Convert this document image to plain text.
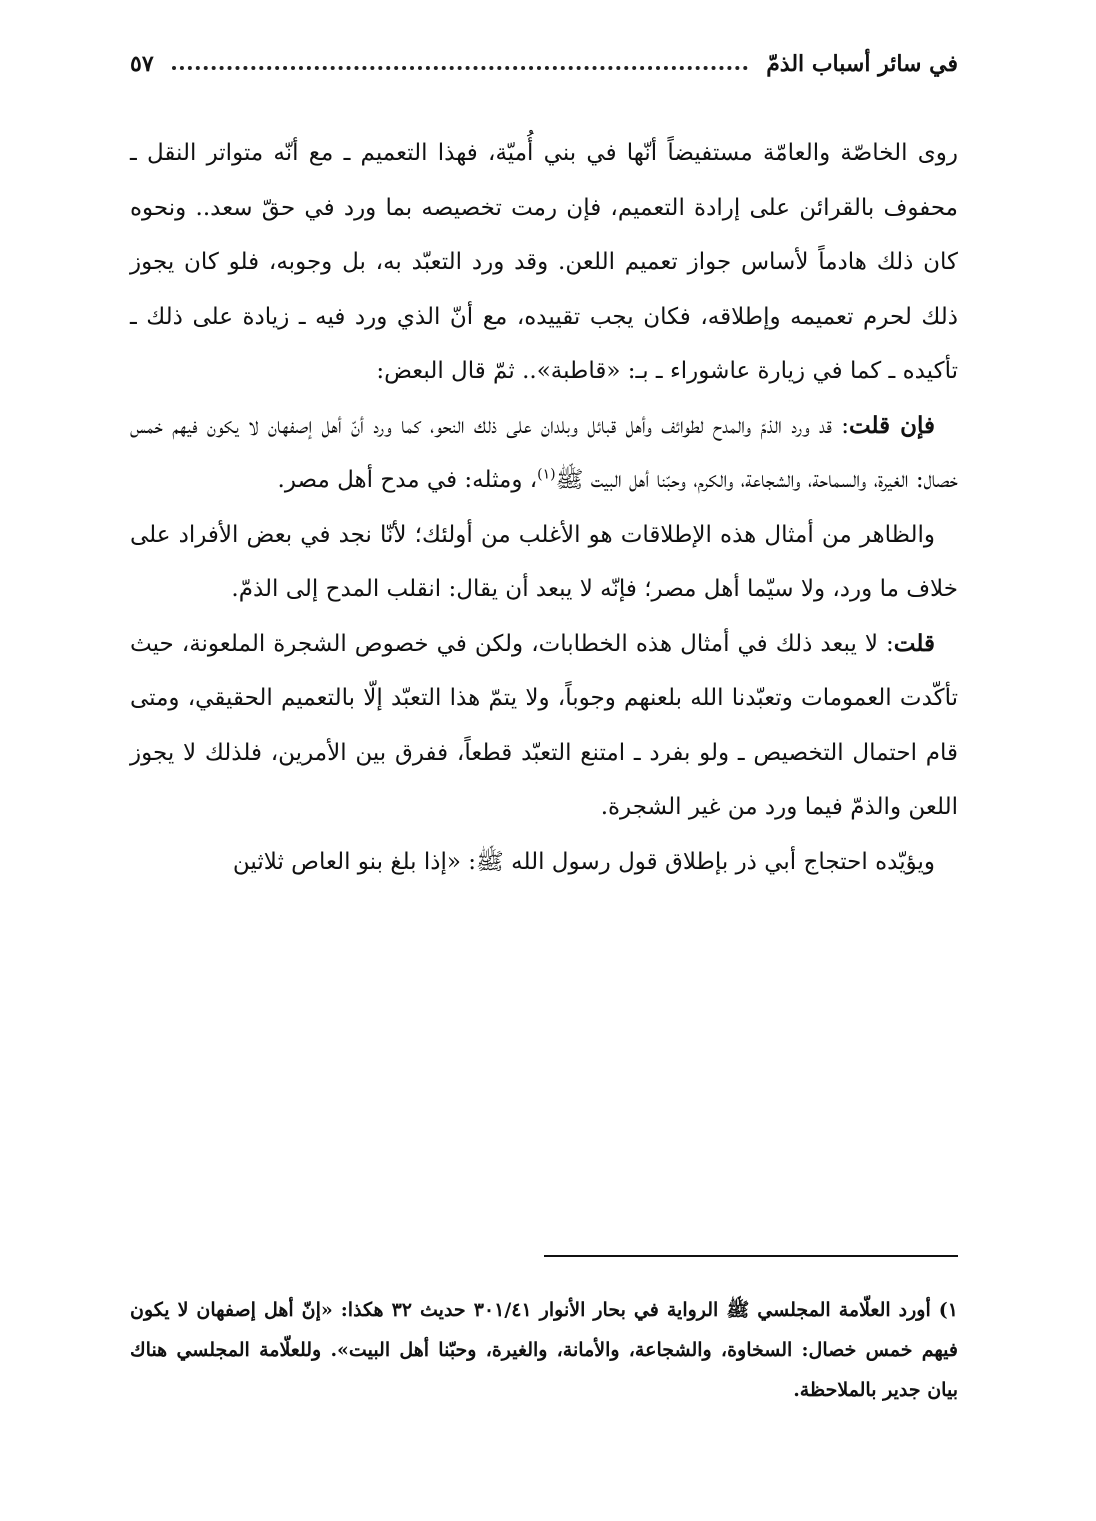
في سائر أسباب الذمّ
٥٧

روى الخاصّة والعامّة مستفيضاً أنّها في بني أُميّة، فهذا التعميم ـ مع أنّه متواتر النقل ـ محفوف بالقرائن على إرادة التعميم، فإن رمت تخصيصه بما ورد في حقّ سعد.. ونحوه كان ذلك هادماً لأساس جواز تعميم اللعن. وقد ورد التعبّد به، بل وجوبه، فلو كان يجوز ذلك لحرم تعميمه وإطلاقه، فكان يجب تقييده، مع أنّ الذي ورد فيه ـ زيادة على ذلك ـ تأكيده ـ كما في زيارة عاشوراء ـ بـ: «قاطبة».. ثمّ قال البعض:

 فإن قلت: قد ورد الذمّ والمدح لطوائف وأهل قبائل وبلدان على ذلك النحو، كما ورد أنّ أهل إصفهان لا يكون فيهم خمس خصال: الغيرة، والسماحة، والشجاعة، والكرم، وحبّنا أهل البيت ﷺ$^{(١)}$، ومثله: في مدح أهل مصر.

 والظاهر من أمثال هذه الإطلاقات هو الأغلب من أولئك؛ لأنّا نجد في بعض الأفراد على خلاف ما ورد، ولا سيّما أهل مصر؛ فإنّه لا يبعد أن يقال: انقلب المدح إلى الذمّ.

 قلت: لا يبعد ذلك في أمثال هذه الخطابات، ولكن في خصوص الشجرة الملعونة، حيث تأكّدت العمومات وتعبّدنا الله بلعنهم وجوباً، ولا يتمّ هذا التعبّد إلّا بالتعميم الحقيقي، ومتى قام احتمال التخصيص ـ ولو بفرد ـ امتنع التعبّد قطعاً، ففرق بين الأمرين، فلذلك لا يجوز اللعن والذمّ فيما ورد من غير الشجرة.

 ويؤيّده احتجاج أبي ذر بإطلاق قول رسول الله ﷺ: «إذا بلغ بنو العاص ثلاثين

١) أورد العلّامة المجلسي ﷺ الرواية في بحار الأنوار ٣٠١/٤١ حديث ٣٢ هكذا: «إنّ أهل إصفهان لا يكون فيهم خمس خصال: السخاوة، والشجاعة، والأمانة، والغيرة، وحبّنا أهل البيت». وللعلّامة المجلسي هناك بيان جدير بالملاحظة.
